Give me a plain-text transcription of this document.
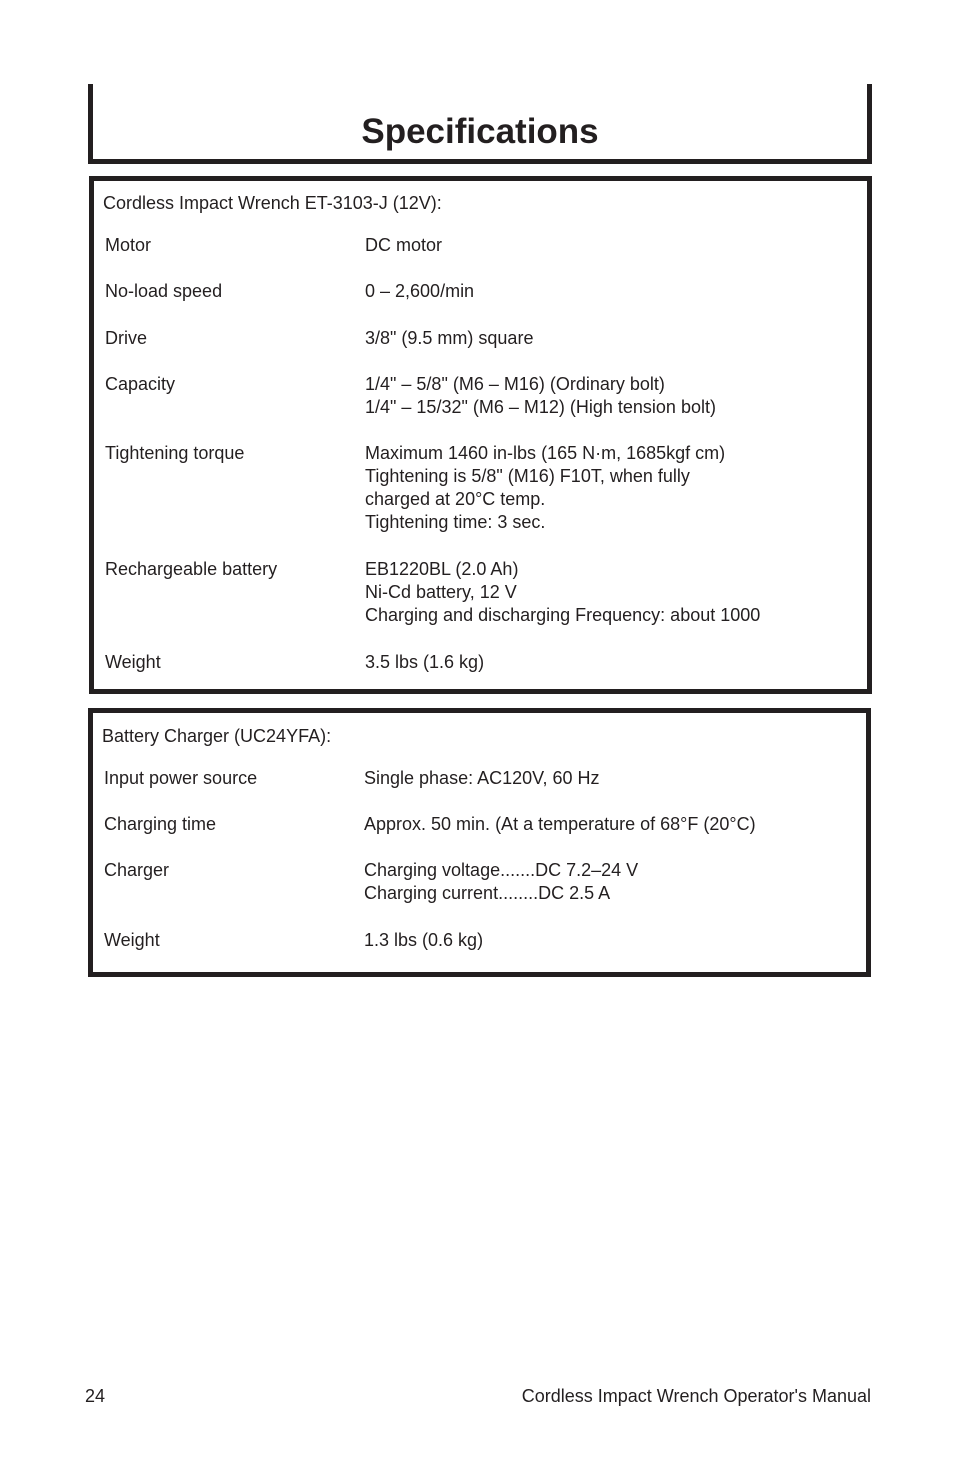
Specifications
Cordless Impact Wrench ET-3103-J (12V):
Motor	DC motor
No-load speed	0 – 2,600/min
Drive	3/8" (9.5 mm) square
Capacity	1/4" – 5/8" (M6 – M16) (Ordinary bolt)
1/4" – 15/32" (M6 – M12) (High tension bolt)
Tightening torque	Maximum 1460 in-lbs (165 N·m, 1685kgf cm)
Tightening is 5/8" (M16) F10T, when fully
charged at 20°C temp.
Tightening time: 3 sec.
Rechargeable battery	EB1220BL (2.0 Ah)
Ni-Cd battery, 12 V
Charging and discharging Frequency: about 1000
Weight	3.5 lbs (1.6 kg)
Battery Charger (UC24YFA):
Input power source	Single phase: AC120V, 60 Hz
Charging time	Approx. 50 min. (At a temperature of 68°F (20°C)
Charger	Charging voltage.......DC 7.2–24 V
Charging current........DC 2.5 A
Weight	1.3 lbs (0.6 kg)
24	Cordless Impact Wrench Operator's Manual
